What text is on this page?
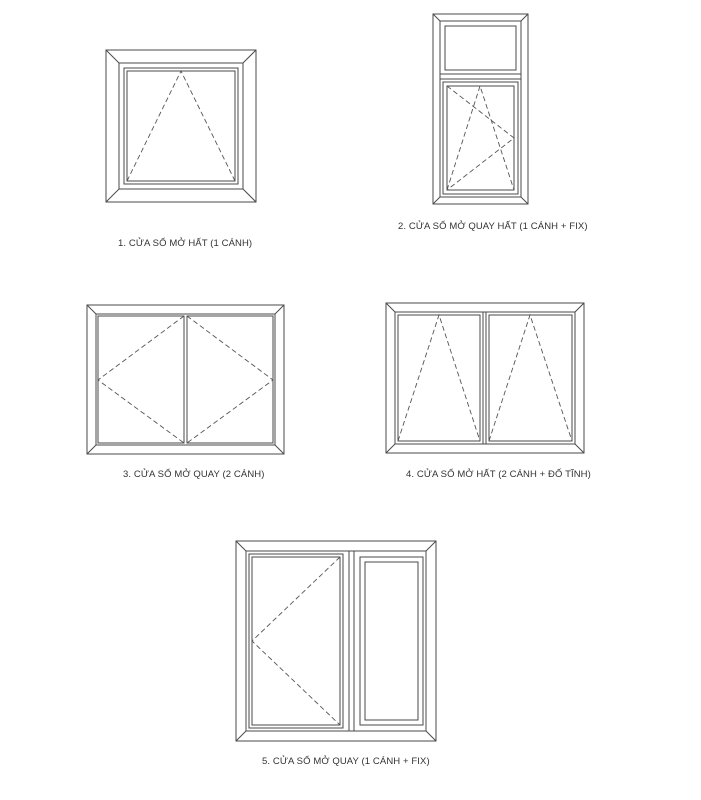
1. CỬA SỔ MỞ HẤT (1 CÁNH)
2. CỬA SỔ MỞ QUAY HẤT (1 CÁNH + FIX)
3. CỬA SỔ MỞ QUAY (2 CÁNH)	4. CỬA SỔ MỞ HẤT (2 CÁNH + ĐỐ TĨNH)
5. CỬA SỔ MỞ QUAY (1 CÁNH + FIX)
